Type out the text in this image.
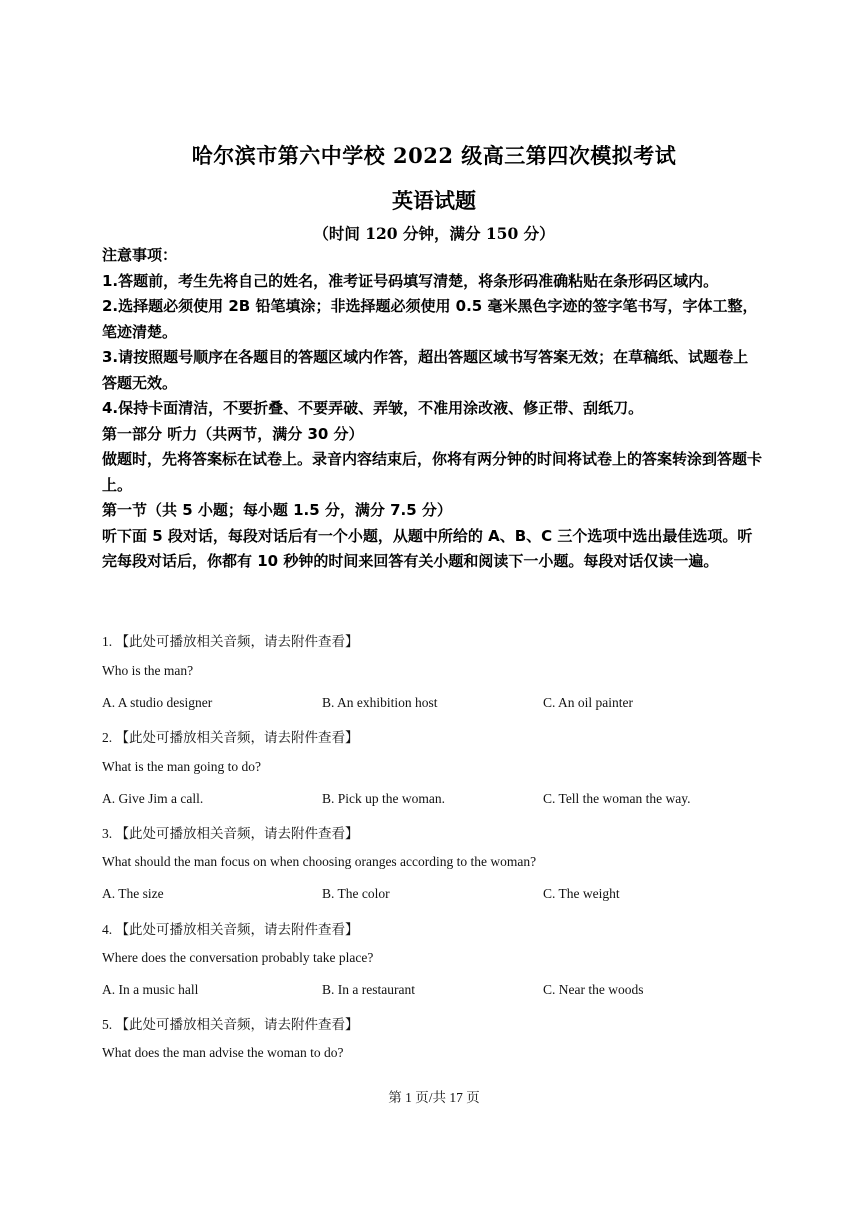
哈尔滨市第六中学校 2022 级高三第四次模拟考试
英语试题
（时间 120 分钟，满分 150 分）

注意事项：

1.答题前，考生先将自己的姓名，准考证号码填写清楚，将条形码准确粘贴在条形码区域内。

2.选择题必须使用 2B 铅笔填涂；非选择题必须使用 0.5 毫米黑色字迹的签字笔书写，字体工整，笔迹清楚。

3.请按照题号顺序在各题目的答题区域内作答，超出答题区域书写答案无效；在草稿纸、试题卷上答题无效。

4.保持卡面清洁，不要折叠、不要弄破、弄皱，不准用涂改液、修正带、刮纸刀。

第一部分 听力（共两节，满分 30 分）

做题时，先将答案标在试卷上。录音内容结束后，你将有两分钟的时间将试卷上的答案转涂到答题卡上。

第一节（共 5 小题；每小题 1.5 分，满分 7.5 分）

听下面 5 段对话，每段对话后有一个小题，从题中所给的 A、B、C 三个选项中选出最佳选项。听完每段对话后，你都有 10 秒钟的时间来回答有关小题和阅读下一小题。每段对话仅读一遍。

1. 【此处可播放相关音频，请去附件查看】
Who is the man?
A. A studio designer	B. An exhibition host	C. An oil painter
2. 【此处可播放相关音频，请去附件查看】
What is the man going to do?
A. Give Jim a call.	B. Pick up the woman.	C. Tell the woman the way.
3. 【此处可播放相关音频，请去附件查看】
What should the man focus on when choosing oranges according to the woman?
A. The size	B. The color	C. The weight
4. 【此处可播放相关音频，请去附件查看】
Where does the conversation probably take place?
A. In a music hall	B. In a restaurant	C. Near the woods
5. 【此处可播放相关音频，请去附件查看】
What does the man advise the woman to do?
第 1 页/共 17 页
